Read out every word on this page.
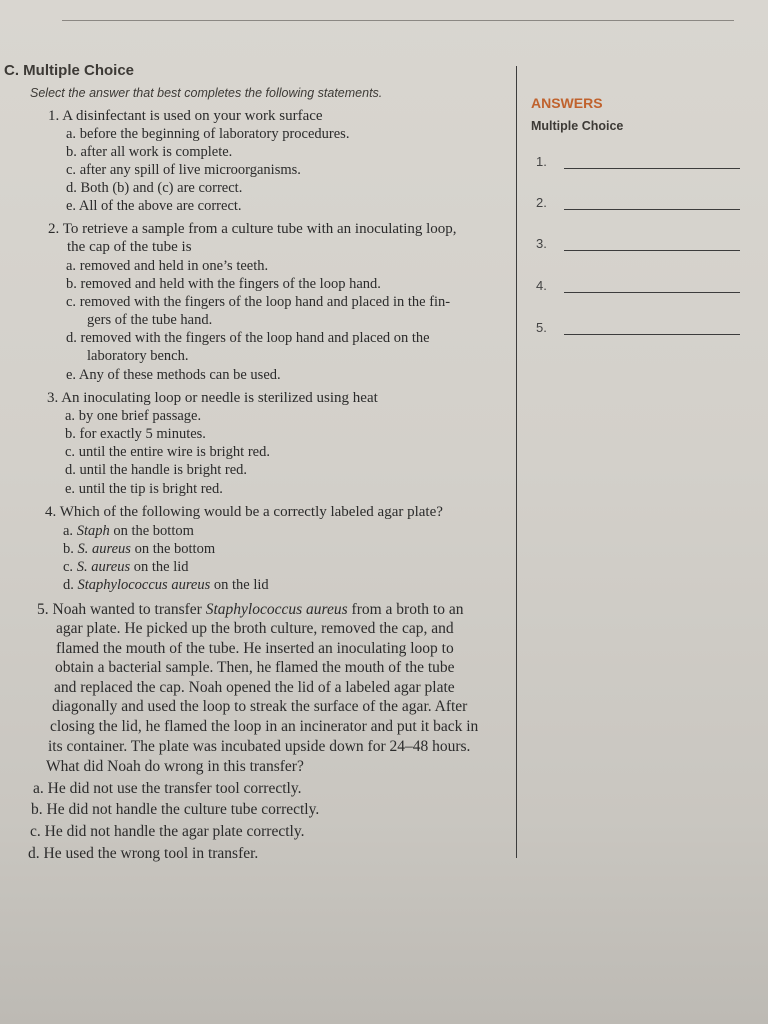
C. Multiple Choice
Select the answer that best completes the following statements.
1. A disinfectant is used on your work surface
a. before the beginning of laboratory procedures.
b. after all work is complete.
c. after any spill of live microorganisms.
d. Both (b) and (c) are correct.
e. All of the above are correct.
2. To retrieve a sample from a culture tube with an inoculating loop,
the cap of the tube is
a. removed and held in one’s teeth.
b. removed and held with the fingers of the loop hand.
c. removed with the fingers of the loop hand and placed in the fin-
gers of the tube hand.
d. removed with the fingers of the loop hand and placed on the
laboratory bench.
e. Any of these methods can be used.
3. An inoculating loop or needle is sterilized using heat
a. by one brief passage.
b. for exactly 5 minutes.
c. until the entire wire is bright red.
d. until the handle is bright red.
e. until the tip is bright red.
4. Which of the following would be a correctly labeled agar plate?
a. Staph on the bottom
b. S. aureus on the bottom
c. S. aureus on the lid
d. Staphylococcus aureus on the lid
5. Noah wanted to transfer Staphylococcus aureus from a broth to an
agar plate. He picked up the broth culture, removed the cap, and
flamed the mouth of the tube. He inserted an inoculating loop to
obtain a bacterial sample. Then, he flamed the mouth of the tube
and replaced the cap. Noah opened the lid of a labeled agar plate
diagonally and used the loop to streak the surface of the agar. After
closing the lid, he flamed the loop in an incinerator and put it back in
its container. The plate was incubated upside down for 24–48 hours.
What did Noah do wrong in this transfer?
a. He did not use the transfer tool correctly.
b. He did not handle the culture tube correctly.
c. He did not handle the agar plate correctly.
d. He used the wrong tool in transfer.
ANSWERS
Multiple Choice
1.
2.
3.
4.
5.
